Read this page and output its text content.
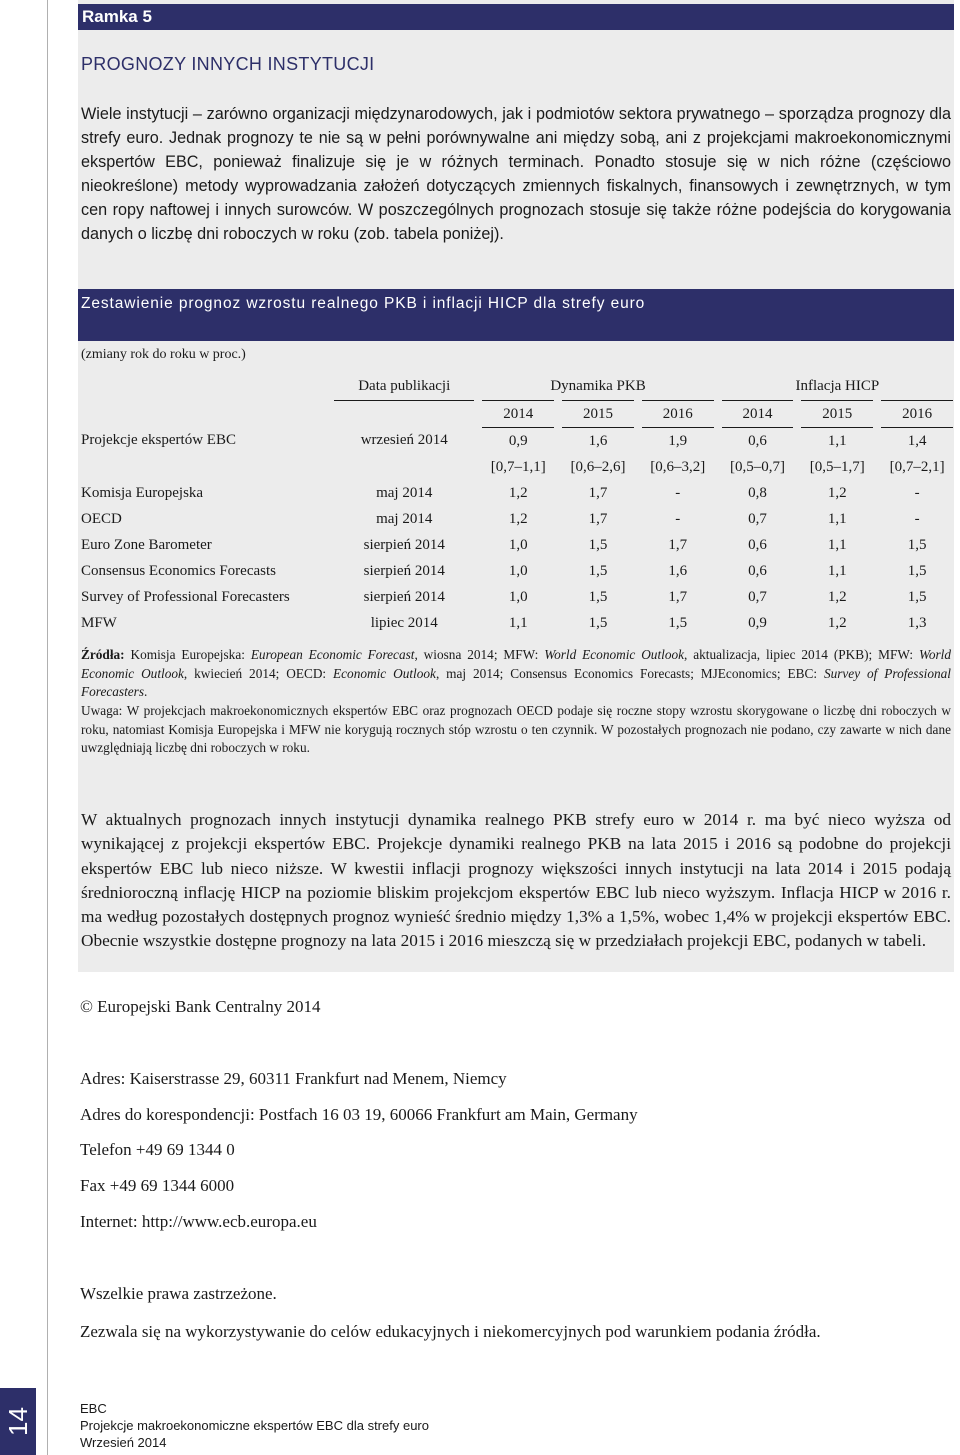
Ramka 5
PROGNOZY INNYCH INSTYTUCJI

Wiele instytucji – zarówno organizacji międzynarodowych, jak i podmiotów sektora prywatnego – sporządza prognozy dla strefy euro. Jednak prognozy te nie są w pełni porównywalne ani między sobą, ani z projekcjami makroekonomicznymi ekspertów EBC, ponieważ finalizuje się je w różnych terminach. Ponadto stosuje się w nich różne (częściowo nieokreślone) metody wyprowadzania założeń dotyczących zmiennych fiskalnych, finansowych i zewnętrznych, w tym cen ropy naftowej i innych surowców. W poszczególnych prognozach stosuje się także różne podejścia do korygowania danych o liczbę dni roboczych w roku (zob. tabela poniżej).

Zestawienie prognoz wzrostu realnego PKB i inflacji HICP dla strefy euro
(zmiany rok do roku w proc.)
	Data publikacji	Dynamika PKB			Inflacja HICP		
		2014	2015	2016	2014	2015	2016
Projekcje ekspertów EBC	wrzesień 2014	0,9	1,6	1,9	0,6	1,1	1,4
		[0,7–1,1]	[0,6–2,6]	[0,6–3,2]	[0,5–0,7]	[0,5–1,7]	[0,7–2,1]
Komisja Europejska	maj 2014	1,2	1,7	-	0,8	1,2	-
OECD	maj 2014	1,2	1,7	-	0,7	1,1	-
Euro Zone Barometer	sierpień 2014	1,0	1,5	1,7	0,6	1,1	1,5
Consensus Economics Forecasts	sierpień 2014	1,0	1,5	1,6	0,6	1,1	1,5
Survey of Professional Forecasters	sierpień 2014	1,0	1,5	1,7	0,7	1,2	1,5
MFW	lipiec 2014	1,1	1,5	1,5	0,9	1,2	1,3

Źródła: Komisja Europejska: European Economic Forecast, wiosna 2014; MFW: World Economic Outlook, aktualizacja, lipiec 2014 (PKB); MFW: World Economic Outlook, kwiecień 2014; OECD: Economic Outlook, maj 2014; Consensus Economics Forecasts; MJEconomics; EBC: Survey of Professional Forecasters.

Uwaga: W projekcjach makroekonomicznych ekspertów EBC oraz prognozach OECD podaje się roczne stopy wzrostu skorygowane o liczbę dni roboczych w roku, natomiast Komisja Europejska i MFW nie korygują rocznych stóp wzrostu o ten czynnik. W pozostałych prognozach nie podano, czy zawarte w nich dane uwzględniają liczbę dni roboczych w roku.

W aktualnych prognozach innych instytucji dynamika realnego PKB strefy euro w 2014 r. ma być nieco wyższa od wynikającej z projekcji ekspertów EBC. Projekcje dynamiki realnego PKB na lata 2015 i 2016 są podobne do projekcji ekspertów EBC lub nieco niższe. W kwestii inflacji prognozy większości innych instytucji na lata 2014 i 2015 podają średnioroczną inflację HICP na poziomie bliskim projekcjom ekspertów EBC lub nieco wyższym. Inflacja HICP w 2016 r. ma według pozostałych dostępnych prognoz wynieść średnio między 1,3% a 1,5%, wobec 1,4% w projekcji ekspertów EBC. Obecnie wszystkie dostępne prognozy na lata 2015 i 2016 mieszczą się w przedziałach projekcji EBC, podanych w tabeli.

© Europejski Bank Centralny 2014
Adres: Kaiserstrasse 29, 60311 Frankfurt nad Menem, Niemcy
Adres do korespondencji: Postfach 16 03 19, 60066 Frankfurt am Main, Germany
Telefon +49 69 1344 0
Fax +49 69 1344 6000
Internet: http://www.ecb.europa.eu
Wszelkie prawa zastrzeżone.

Zezwala się na wykorzystywanie do celów edukacyjnych i niekomercyjnych pod warunkiem podania źródła.

14	EBC
Projekcje makroekonomiczne ekspertów EBC dla strefy euro
Wrzesień 2014
